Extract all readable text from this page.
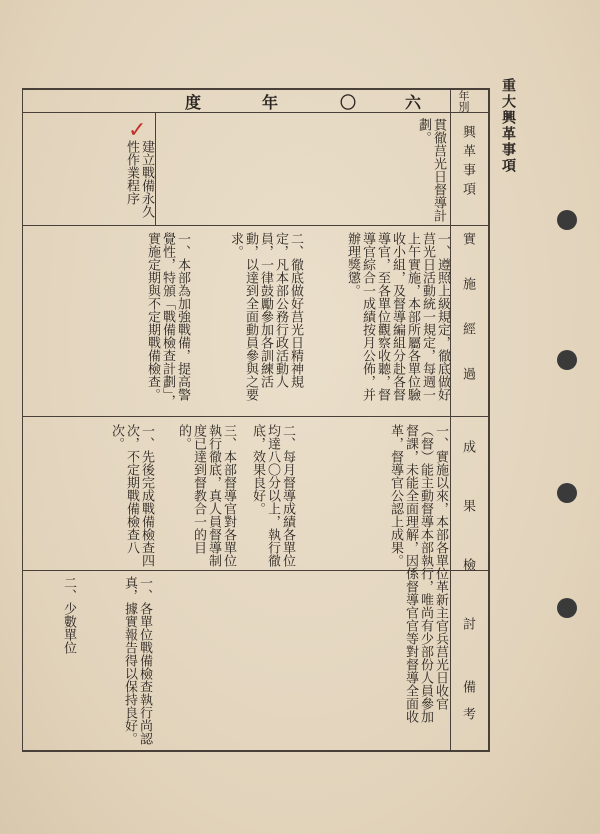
重大興革事項
六
〇
年
度	年別
興革事項
實施經過
成果檢討
備考
✓	貫徹莒光日督導計劃。
建立戰備永久性作業程序
一、遵照上級規定，徹底做好莒光日活動統一規定，每週一上午實施，本部所屬各單位驗收小組，及督導編組分赴各督導官，至各單位觀察收聽，督導官綜合一成績按月公佈，并辦理獎懲。
二、徹底做好莒光日精神規定，凡本部公務行政活動人員，一律鼓勵參加各訓練活動，以達到全面動員參與之要求。
一、本部為加強戰備，提高警覺性，特頒「戰備檢查計劃」，實施定期與不定期戰備檢查。
一、實施以來，本部各單位革新主官兵莒光日收官（督）能主動督導本部執行，唯尚有少部份人員參加督課，未能全面理解，因係督導官官等對督導全面收革，督導官公認上成果。
二、每月督導成績各單位均達八〇分以上，執行徹底，效果良好。
三、本部督導官對各單位執行徹底，真人員督導制度已達到督教合一的目的。
一、先後完成戰備檢查四次，不定期戰備檢查八次。
一、各單位戰備檢查執行尚認真，據實報告得以保持良好。
二、少數單位
